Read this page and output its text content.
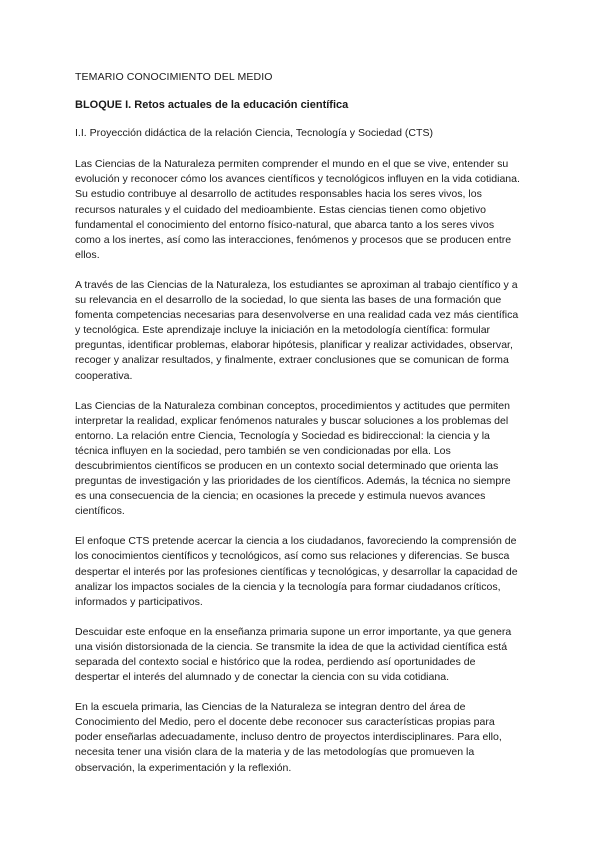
TEMARIO CONOCIMIENTO DEL MEDIO

BLOQUE I. Retos actuales de la educación científica

I.I. Proyección didáctica de la relación Ciencia, Tecnología y Sociedad (CTS)

Las Ciencias de la Naturaleza permiten comprender el mundo en el que se vive, entender su evolución y reconocer cómo los avances científicos y tecnológicos influyen en la vida cotidiana. Su estudio contribuye al desarrollo de actitudes responsables hacia los seres vivos, los recursos naturales y el cuidado del medioambiente. Estas ciencias tienen como objetivo fundamental el conocimiento del entorno físico-natural, que abarca tanto a los seres vivos como a los inertes, así como las interacciones, fenómenos y procesos que se producen entre ellos.

A través de las Ciencias de la Naturaleza, los estudiantes se aproximan al trabajo científico y a su relevancia en el desarrollo de la sociedad, lo que sienta las bases de una formación que fomenta competencias necesarias para desenvolverse en una realidad cada vez más científica y tecnológica. Este aprendizaje incluye la iniciación en la metodología científica: formular preguntas, identificar problemas, elaborar hipótesis, planificar y realizar actividades, observar, recoger y analizar resultados, y finalmente, extraer conclusiones que se comunican de forma cooperativa.

Las Ciencias de la Naturaleza combinan conceptos, procedimientos y actitudes que permiten interpretar la realidad, explicar fenómenos naturales y buscar soluciones a los problemas del entorno. La relación entre Ciencia, Tecnología y Sociedad es bidireccional: la ciencia y la técnica influyen en la sociedad, pero también se ven condicionadas por ella. Los descubrimientos científicos se producen en un contexto social determinado que orienta las preguntas de investigación y las prioridades de los científicos. Además, la técnica no siempre es una consecuencia de la ciencia; en ocasiones la precede y estimula nuevos avances científicos.

El enfoque CTS pretende acercar la ciencia a los ciudadanos, favoreciendo la comprensión de los conocimientos científicos y tecnológicos, así como sus relaciones y diferencias. Se busca despertar el interés por las profesiones científicas y tecnológicas, y desarrollar la capacidad de analizar los impactos sociales de la ciencia y la tecnología para formar ciudadanos críticos, informados y participativos.

Descuidar este enfoque en la enseñanza primaria supone un error importante, ya que genera una visión distorsionada de la ciencia. Se transmite la idea de que la actividad científica está separada del contexto social e histórico que la rodea, perdiendo así oportunidades de despertar el interés del alumnado y de conectar la ciencia con su vida cotidiana.

En la escuela primaria, las Ciencias de la Naturaleza se integran dentro del área de Conocimiento del Medio, pero el docente debe reconocer sus características propias para poder enseñarlas adecuadamente, incluso dentro de proyectos interdisciplinares. Para ello, necesita tener una visión clara de la materia y de las metodologías que promueven la observación, la experimentación y la reflexión.
